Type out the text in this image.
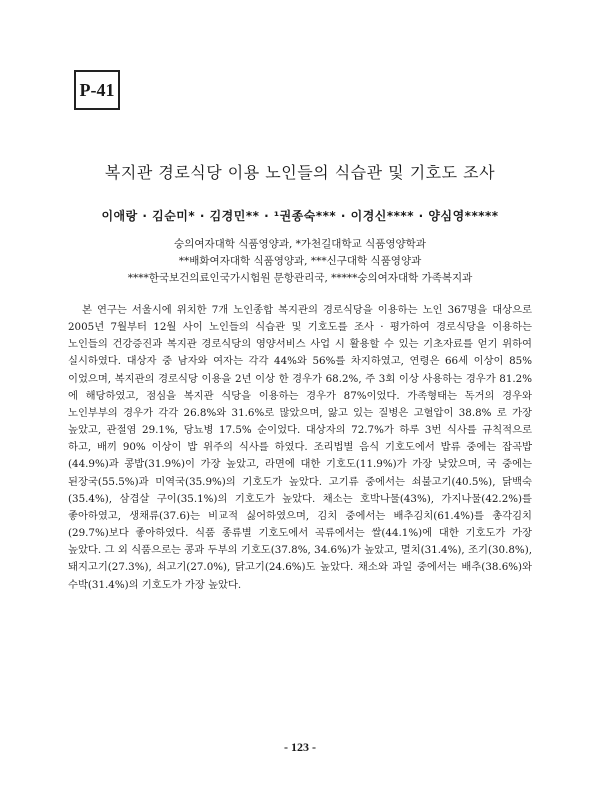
P-41
복지관 경로식당 이용 노인들의 식습관 및 기호도 조사
이애랑 · 김순미* · 김경민** · ¹권종숙*** · 이경신**** · 양심영*****
숭의여자대학 식품영양과, *가천길대학교 식품영양학과
**배화여자대학 식품영양과, ***신구대학 식품영양과
****한국보건의료인국가시험원 문항관리국, *****숭의여자대학 가족복지과
본 연구는 서울시에 위치한 7개 노인종합 복지관의 경로식당을 이용하는 노인 367명을 대상으로 2005년 7월부터 12월 사이 노인들의 식습관 및 기호도를 조사 · 평가하여 경로식당을 이용하는 노인들의 건강증진과 복지관 경로식당의 영양서비스 사업 시 활용할 수 있는 기초자료를 얻기 위하여 실시하였다. 대상자 중 남자와 여자는 각각 44%와 56%를 차지하였고, 연령은 66세 이상이 85%이었으며, 복지관의 경로식당 이용을 2년 이상 한 경우가 68.2%, 주 3회 이상 사용하는 경우가 81.2%에 해당하였고, 점심을 복지관 식당을 이용하는 경우가 87%이었다. 가족형태는 독거의 경우와 노인부부의 경우가 각각 26.8%와 31.6%로 많았으며, 앓고 있는 질병은 고혈압이 38.8% 로 가장 높았고, 관절염 29.1%, 당뇨병 17.5% 순이었다. 대상자의 72.7%가 하루 3번 식사를 규칙적으로 하고, 배끼 90% 이상이 밥 위주의 식사를 하였다. 조리법별 음식 기호도에서 밥류 중에는 잡곡밥(44.9%)과 콩밥(31.9%)이 가장 높았고, 라면에 대한 기호도(11.9%)가 가장 낮았으며, 국 중에는 된장국(55.5%)과 미역국(35.9%)의 기호도가 높았다. 고기류 중에서는 쇠불고기(40.5%), 닭백숙(35.4%), 삼겹살 구이(35.1%)의 기호도가 높았다. 채소는 호박나물(43%), 가지나물(42.2%)를 좋아하였고, 생채류(37.6)는 비교적 싫어하였으며, 김치 중에서는 배추김치(61.4%)를 총각김치(29.7%)보다 좋아하였다. 식품 종류별 기호도에서 곡류에서는 쌀(44.1%)에 대한 기호도가 가장 높았다. 그 외 식품으로는 콩과 두부의 기호도(37.8%, 34.6%)가 높았고, 멸치(31.4%), 조기(30.8%), 돼지고기(27.3%), 쇠고기(27.0%), 닭고기(24.6%)도 높았다. 채소와 과일 중에서는 배추(38.6%)와 수박(31.4%)의 기호도가 가장 높았다.
- 123 -
